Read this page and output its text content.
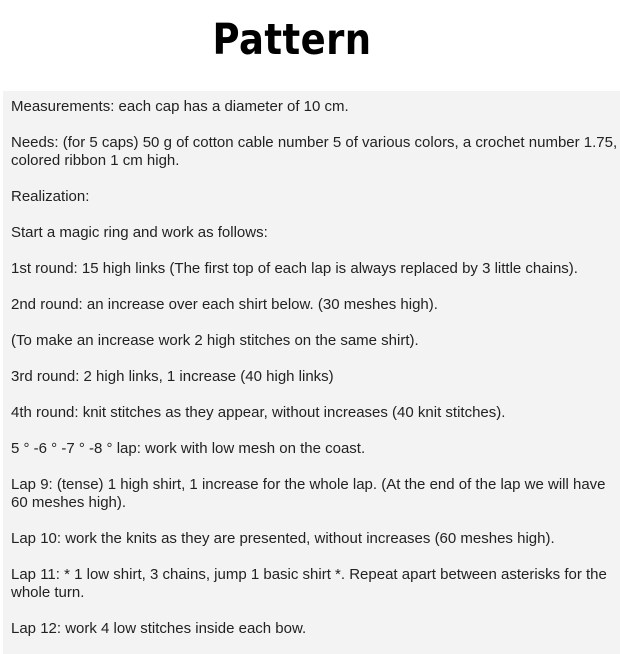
Pattern

Measurements: each cap has a diameter of 10 cm.

Needs: (for 5 caps) 50 g of cotton cable number 5 of various colors, a crochet number 1.75, colored ribbon 1 cm high.

Realization:

Start a magic ring and work as follows:

1st round: 15 high links (The first top of each lap is always replaced by 3 little chains).

2nd round: an increase over each shirt below. (30 meshes high).

(To make an increase work 2 high stitches on the same shirt).

3rd round: 2 high links, 1 increase (40 high links)

4th round: knit stitches as they appear, without increases (40 knit stitches).

5 ° -6 ° -7 ° -8 ° lap: work with low mesh on the coast.

Lap 9: (tense) 1 high shirt, 1 increase for the whole lap. (At the end of the lap we will have 60 meshes high).

Lap 10: work the knits as they are presented, without increases (60 meshes high).

Lap 11: * 1 low shirt, 3 chains, jump 1 basic shirt *. Repeat apart between asterisks for the whole turn.

Lap 12: work 4 low stitches inside each bow.
